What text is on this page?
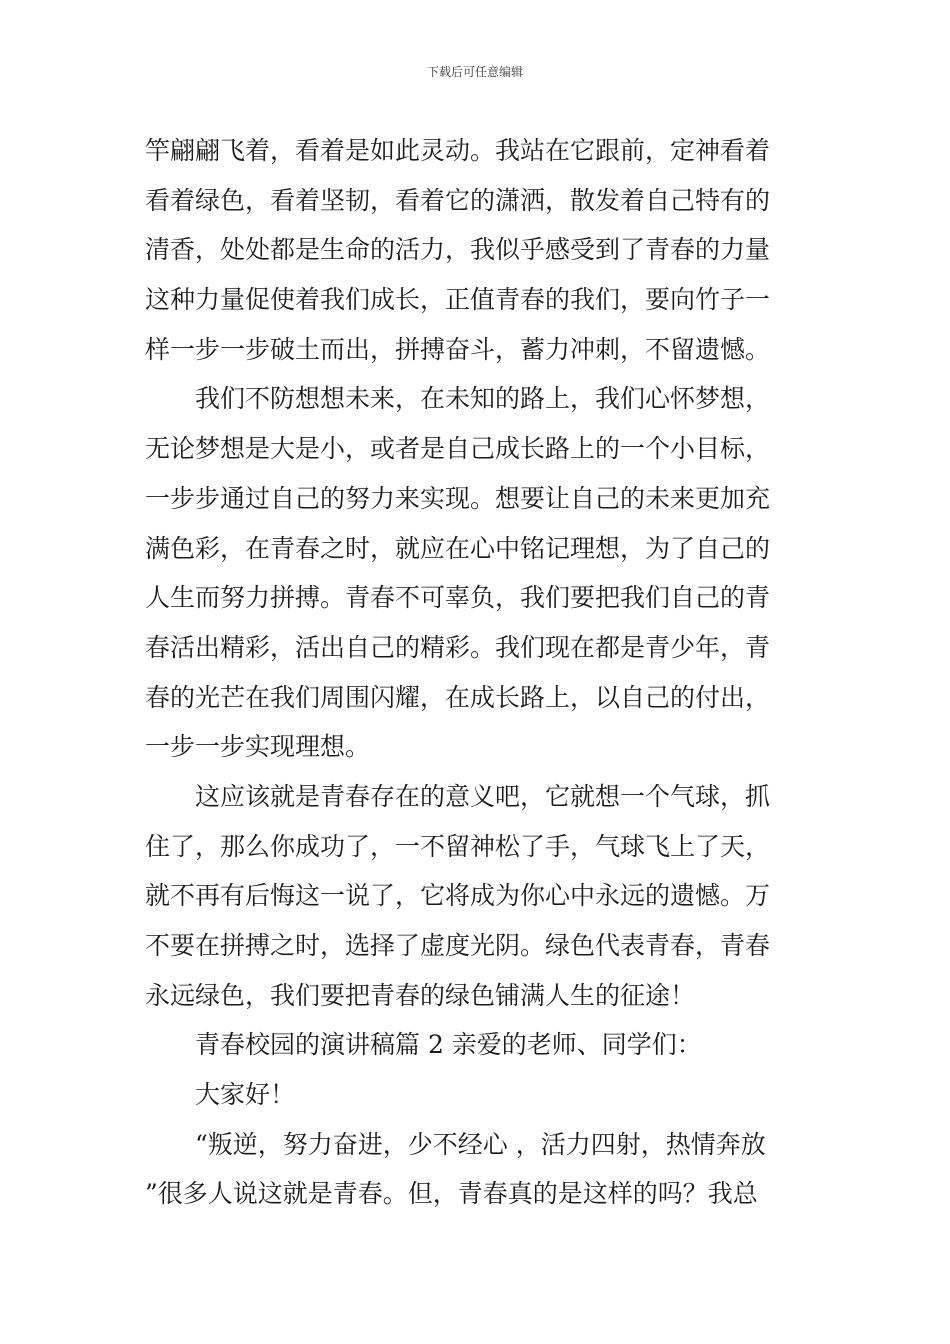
下载后可任意编辑
竿翩翩飞着，看着是如此灵动。我站在它跟前，定神看着
看着绿色，看着坚韧，看着它的潇洒，散发着自己特有的
清香，处处都是生命的活力，我似乎感受到了青春的力量
这种力量促使着我们成长，正值青春的我们，要向竹子一
样一步一步破土而出，拼搏奋斗，蓄力冲刺，不留遗憾。
我们不防想想未来，在未知的路上，我们心怀梦想，
无论梦想是大是小，或者是自己成长路上的一个小目标，
一步步通过自己的努力来实现。想要让自己的未来更加充
满色彩，在青春之时，就应在心中铭记理想，为了自己的
人生而努力拼搏。青春不可辜负，我们要把我们自己的青
春活出精彩，活出自己的精彩。我们现在都是青少年，青
春的光芒在我们周围闪耀，在成长路上，以自己的付出，
一步一步实现理想。
这应该就是青春存在的意义吧，它就想一个气球，抓
住了，那么你成功了，一不留神松了手，气球飞上了天，
就不再有后悔这一说了，它将成为你心中永远的遗憾。万
不要在拼搏之时，选择了虚度光阴。绿色代表青春，青春
永远绿色，我们要把青春的绿色铺满人生的征途！
青春校园的演讲稿篇 2 亲爱的老师、同学们：
大家好！
“叛逆，努力奋进，少不经心 ，活力四射，热情奔放
”很多人说这就是青春。但，青春真的是这样的吗？我总
